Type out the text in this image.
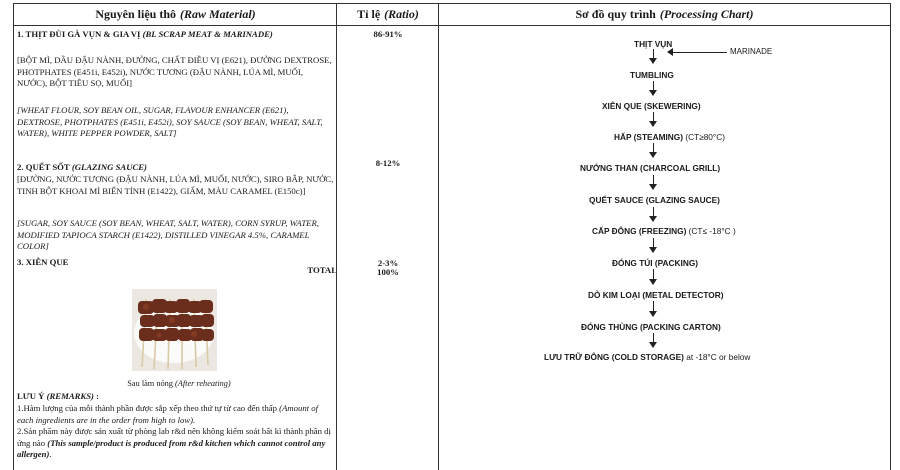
Nguyên liệu thô (Raw Material)	Tỉ lệ (Ratio)	Sơ đồ quy trình (Processing Chart)
1. THỊT ĐÙI GÀ VỤN & GIA VỊ (BL SCRAP MEAT & MARINADE)
[BỘT MÌ, DẦU ĐẬU NÀNH, ĐƯỜNG, CHẤT ĐIỀU VỊ (E621), ĐƯỜNG DEXTROSE, PHOTPHATES (E451i, E452i), NƯỚC TƯƠNG (ĐẬU NÀNH, LÚA MÌ, MUỐI, NƯỚC), BỘT TIÊU SỌ, MUỐI]
[WHEAT FLOUR, SOY BEAN OIL, SUGAR, FLAVOUR ENHANCER (E621), DEXTROSE, PHOTPHATES (E451i, E452i), SOY SAUCE (SOY BEAN, WHEAT, SALT, WATER), WHITE PEPPER POWDER, SALT]
2. QUẾT SỐT (GLAZING SAUCE)
[ĐƯỜNG, NƯỚC TƯƠNG (ĐẬU NÀNH, LÚA MÌ, MUỐI, NƯỚC), SIRO BẮP, NƯỚC, TINH BỘT KHOAI MÌ BIẾN TÍNH (E1422), GIẤM, MÀU CARAMEL (E150c)]
[SUGAR, SOY SAUCE (SOY BEAN, WHEAT, SALT, WATER), CORN SYRUP, WATER, MODIFIED TAPIOCA STARCH (E1422), DISTILLED VINEGAR 4.5%, CARAMEL COLOR]
3. XIÊN QUE
TOTAL
Sau làm nóng (After reheating)
LƯU Ý (REMARKS) :
1.Hàm lượng của mỗi thành phần được sắp xếp theo thứ tự từ cao đến thấp (Amount of each ingredients are in the order from high to low).
2.Sản phẩm này được sản xuất từ phòng lab r&d nên không kiểm soát bất kì thành phần dị ứng nào (This sample/product is produced from r&d kitchen which cannot control any allergen).
86-91%
8-12%
2-3%
100%
THỊT VỤN
MARINADE
TUMBLING
XIÊN QUE (SKEWERING)
HẤP (STEAMING) (CT≥80°C)
NƯỚNG THAN (CHARCOAL GRILL)
QUẾT SAUCE (GLAZING SAUCE)
CẤP ĐÔNG (FREEZING) (CT≤ -18°C )
ĐÓNG TÚI (PACKING)
DÒ KIM LOẠI (METAL DETECTOR)
ĐÓNG THÙNG (PACKING CARTON)
LƯU TRỮ ĐÔNG (COLD STORAGE) at -18°C or below
